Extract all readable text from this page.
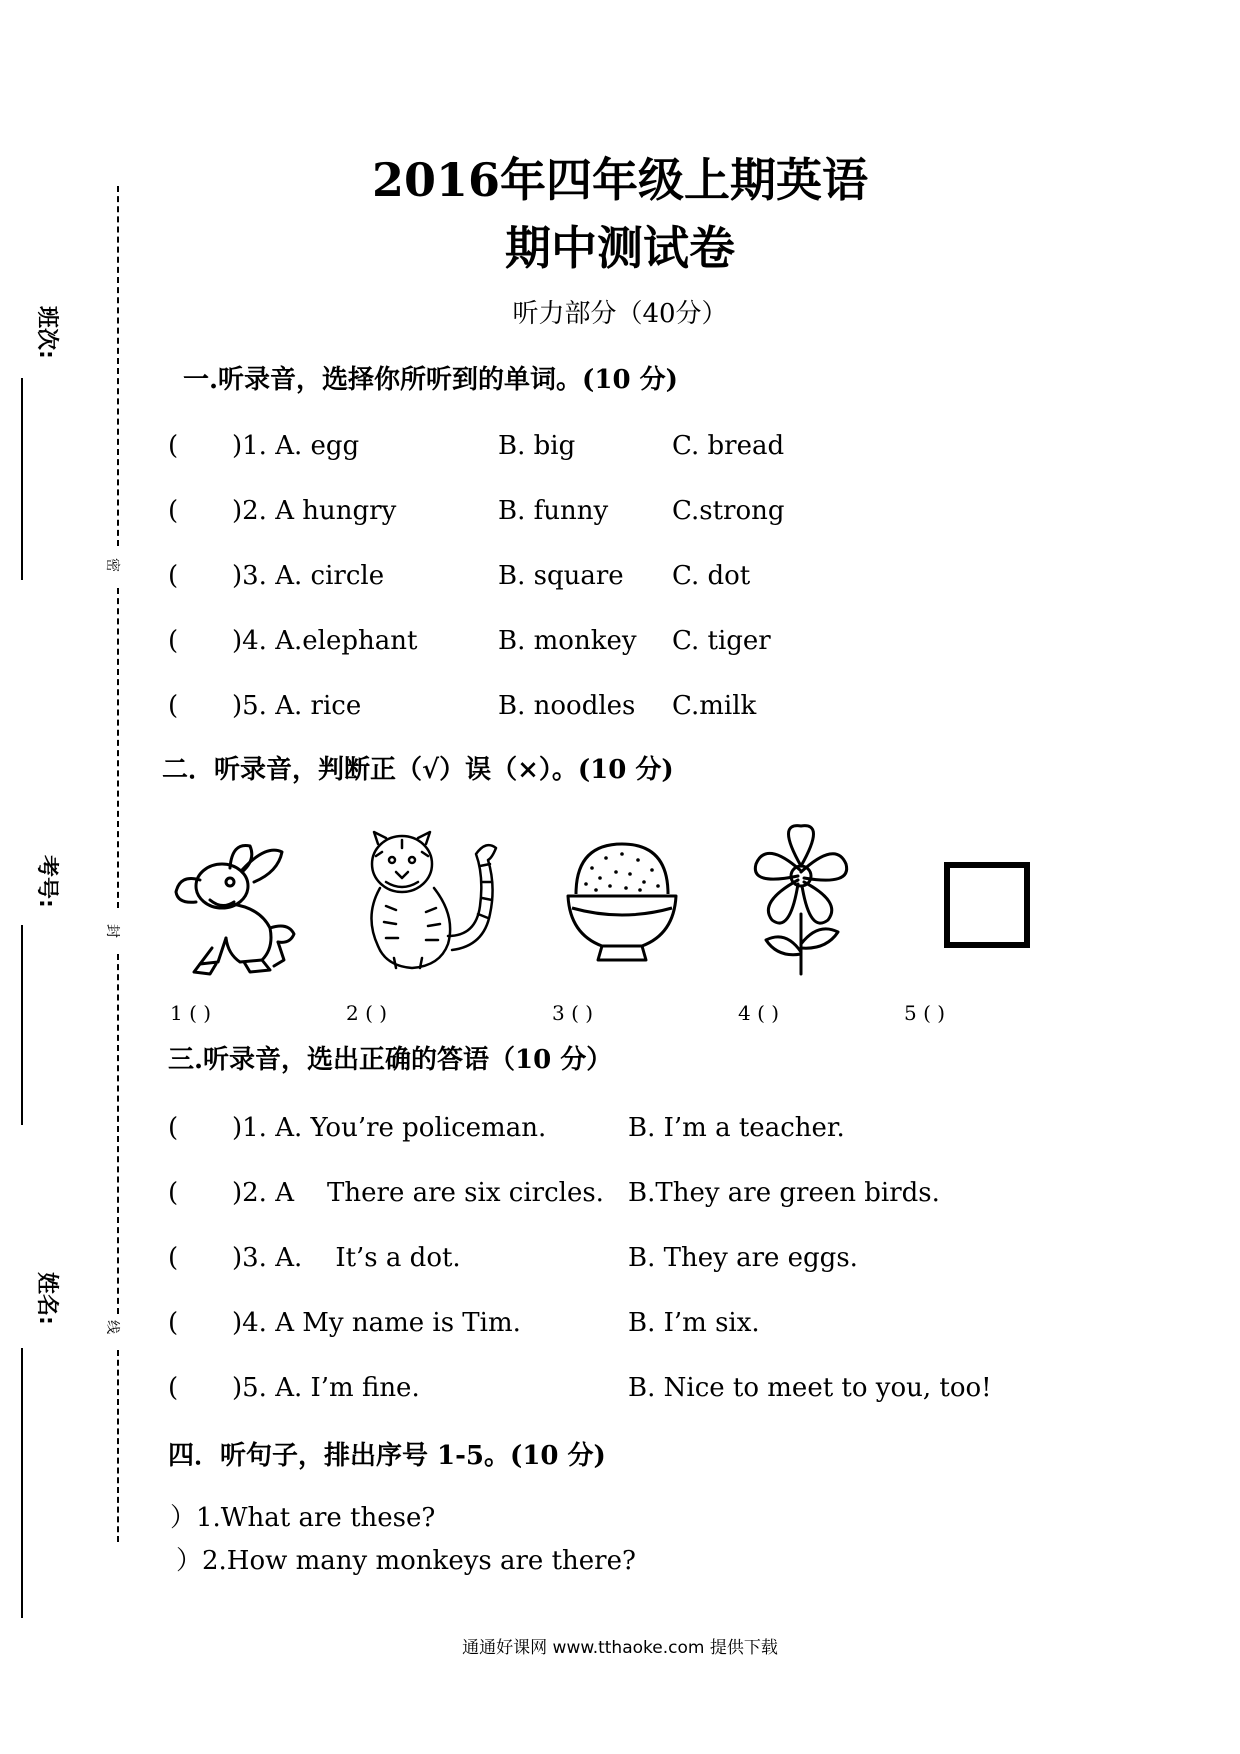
班次:
考号:
姓名:
密
封
线
2016年四年级上期英语
期中测试卷
听力部分（40分）
一.听录音，选择你所听到的单词。(10 分)
( )1. A. egg	B. big	C. bread
( )2. A hungry	B. funny C.strong
( )3. A. circle	B. square C. dot
( )4. A.elephant	B. monkey C. tiger
( )5. A. rice	B. noodles C.milk
二．听录音，判断正（√）误（×）。(10 分)
1 ( )	2 ( )	3 ( )	4 ( )	5 ( )
三.听录音，选出正确的答语（10 分）
( )1. A. You’re policeman.	B. I’m a teacher.
( )2. A    There are six circles. B.They are green birds.
( )3. A.    It’s a dot.	B. They are eggs.
( )4. A My name is Tim.	B. I’m six.
( )5. A. I’m fine.	B. Nice to meet to you, too!
四．听句子，排出序号 1-5。(10 分)
）1.What are these?
）2.How many monkeys are there?
通通好课网 www.tthaoke.com 提供下载
